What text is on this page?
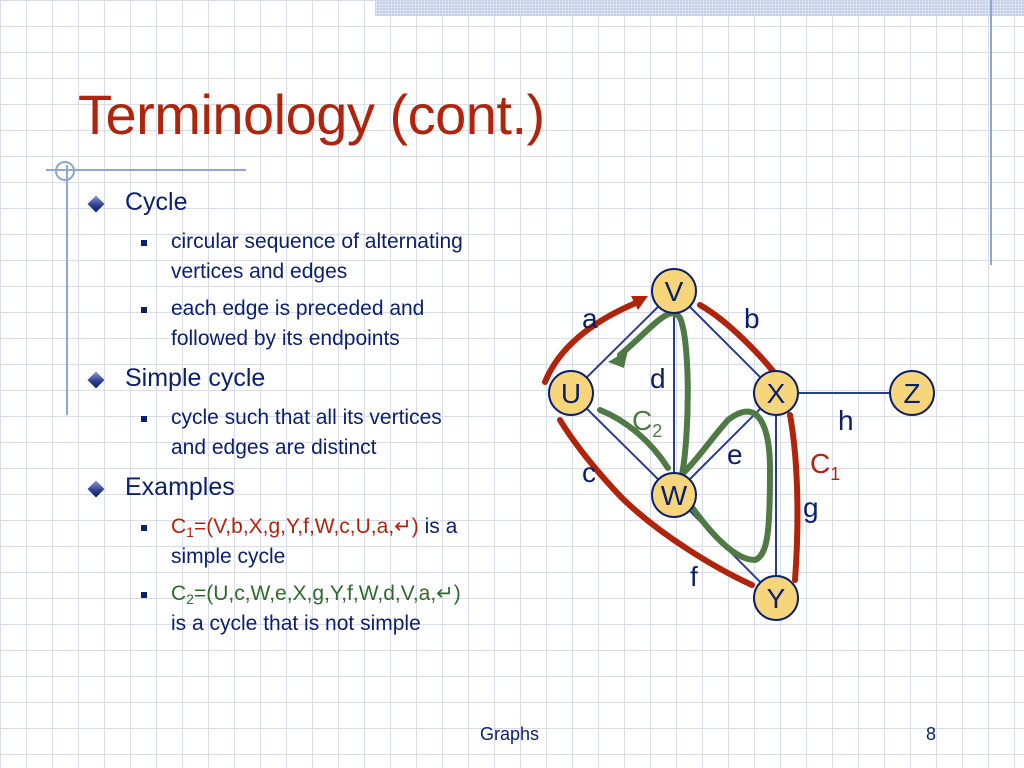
Terminology (cont.)
Cycle
circular sequence of alternating
vertices and edges
each edge is preceded and
followed by its endpoints
Simple cycle
cycle such that all its vertices
and edges are distinct
Examples
$C_1=(V,b,X,g,Y,f,W,c,U,a,↵)$ is a
simple cycle
$C_2=(U,c,W,e,X,g,Y,f,W,d,V,a,↵)$
is a cycle that is not simple
V
U	X	Z
W
Y
a	b
c
d
e
f
g
h
$C_2$
$C_1$
Graphs	8
